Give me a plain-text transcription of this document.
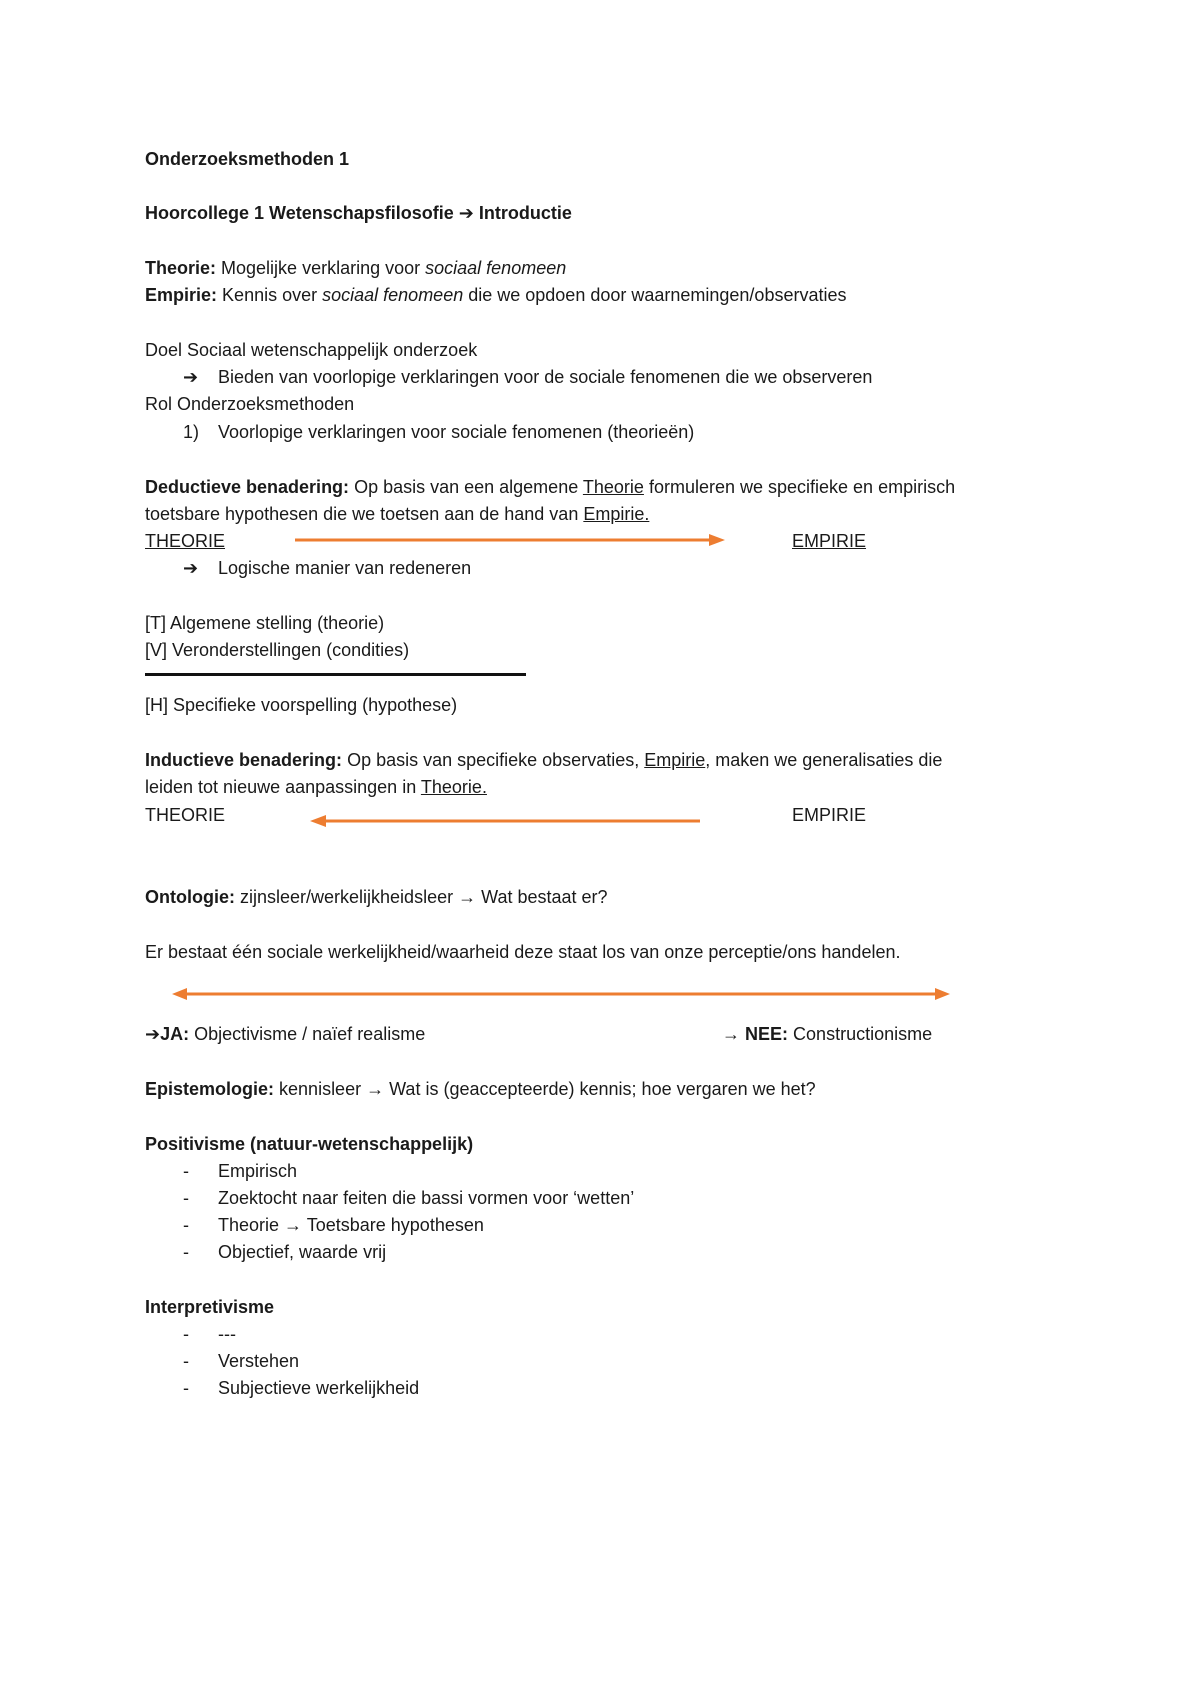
Onderzoeksmethoden 1
Hoorcollege 1 Wetenschapsfilosofie ➔ Introductie
Theorie: Mogelijke verklaring voor sociaal fenomeen
Empirie: Kennis over sociaal fenomeen die we opdoen door waarnemingen/observaties
Doel Sociaal wetenschappelijk onderzoek
➔ Bieden van voorlopige verklaringen voor de sociale fenomenen die we observeren
Rol Onderzoeksmethoden
1) Voorlopige verklaringen voor sociale fenomenen (theorieën)
Deductieve benadering: Op basis van een algemene Theorie formuleren we specifieke en empirisch
toetsbare hypothesen die we toetsen aan de hand van Empirie.
THEORIE	EMPIRIE
➔ Logische manier van redeneren
[T] Algemene stelling (theorie)
[V] Veronderstellingen (condities)
[H] Specifieke voorspelling (hypothese)
Inductieve benadering: Op basis van specifieke observaties, Empirie, maken we generalisaties die
leiden tot nieuwe aanpassingen in Theorie.
THEORIE	EMPIRIE
Ontologie: zijnsleer/werkelijkheidsleer → Wat bestaat er?
Er bestaat één sociale werkelijkheid/waarheid deze staat los van onze perceptie/ons handelen.
➔JA: Objectivisme / naïef realisme	→ NEE: Constructionisme
Epistemologie: kennisleer → Wat is (geaccepteerde) kennis; hoe vergaren we het?
Positivisme (natuur-wetenschappelijk)
- Empirisch
- Zoektocht naar feiten die bassi vormen voor ‘wetten’
- Theorie → Toetsbare hypothesen
- Objectief, waarde vrij
Interpretivisme
- ---
- Verstehen
- Subjectieve werkelijkheid
